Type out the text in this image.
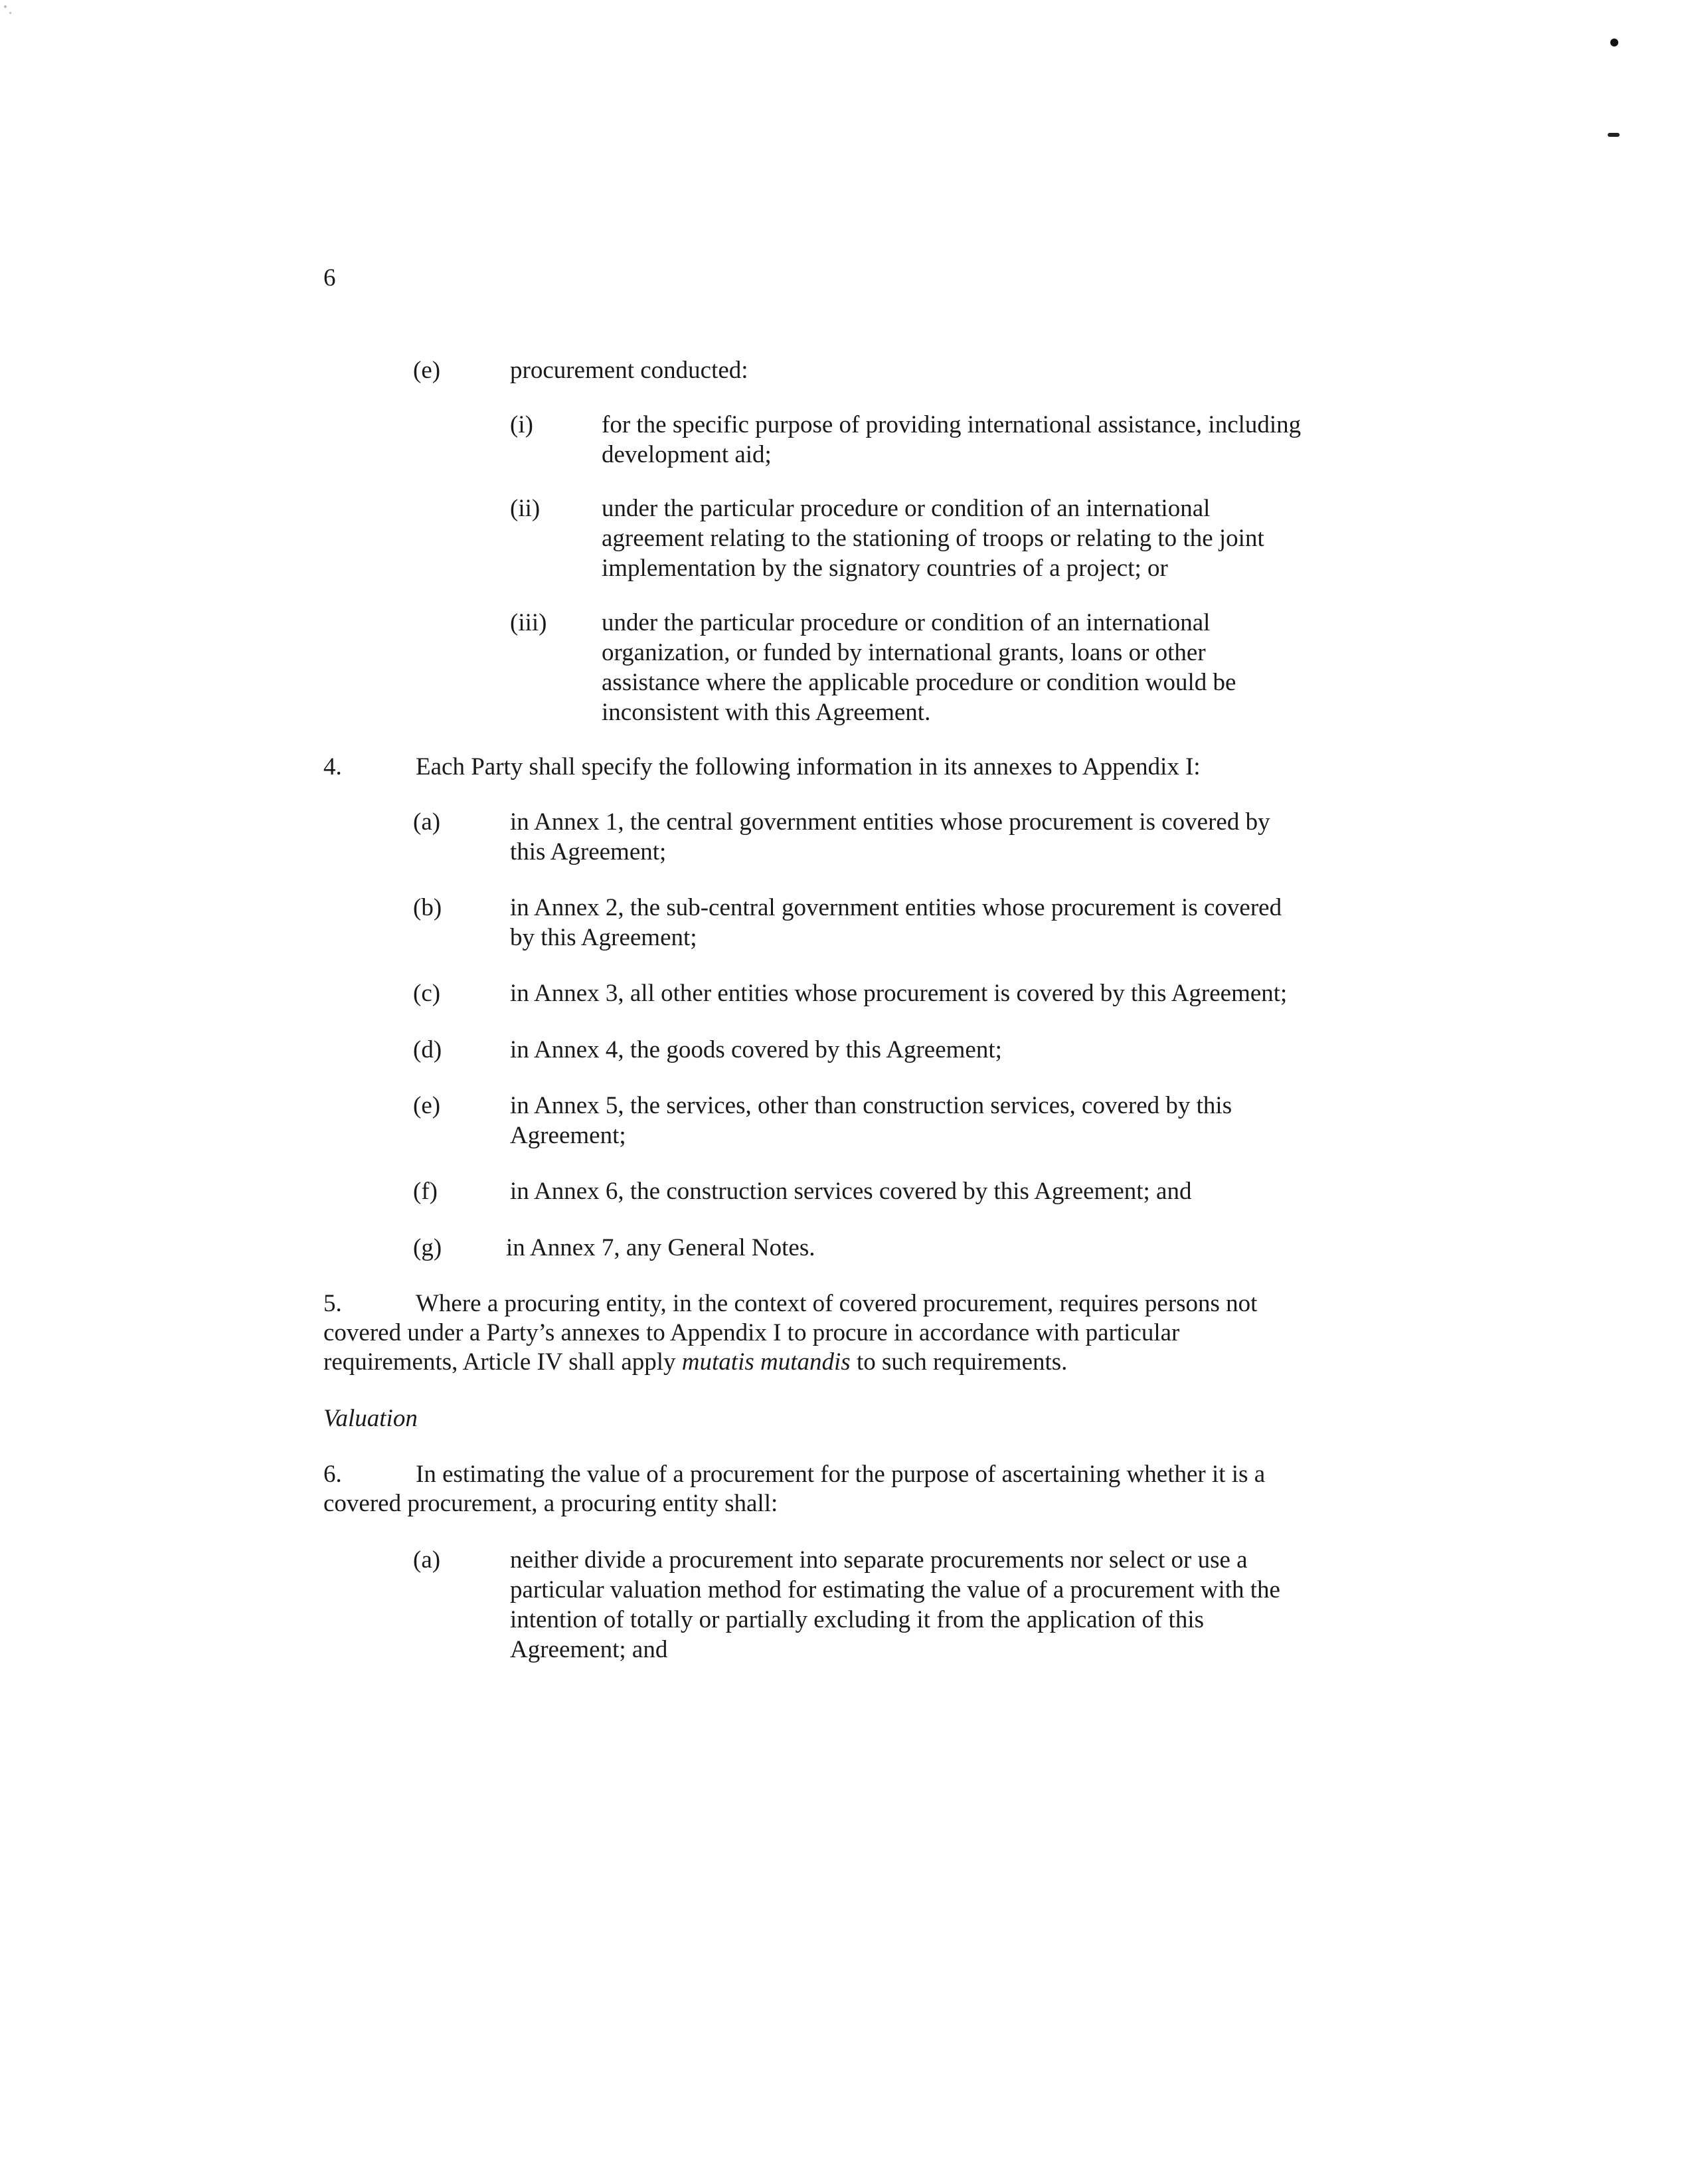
6
(e)	procurement conducted:
(i)	for the specific purpose of providing international assistance, including
development aid;
(ii)	under the particular procedure or condition of an international
agreement relating to the stationing of troops or relating to the joint
implementation by the signatory countries of a project; or
(iii) under the particular procedure or condition of an international
organization, or funded by international grants, loans or other
assistance where the applicable procedure or condition would be
inconsistent with this Agreement.
4.	Each Party shall specify the following information in its annexes to Appendix I:
(a)	in Annex 1, the central government entities whose procurement is covered by
this Agreement;
(b)	in Annex 2, the sub-central government entities whose procurement is covered
by this Agreement;
(c)	in Annex 3, all other entities whose procurement is covered by this Agreement;
(d)	in Annex 4, the goods covered by this Agreement;
(e)	in Annex 5, the services, other than construction services, covered by this
Agreement;
(f)	in Annex 6, the construction services covered by this Agreement; and
(g)	in Annex 7, any General Notes.
5.	Where a procuring entity, in the context of covered procurement, requires persons not
covered under a Party’s annexes to Appendix I to procure in accordance with particular
requirements, Article IV shall apply mutatis mutandis to such requirements.
Valuation
6.	In estimating the value of a procurement for the purpose of ascertaining whether it is a
covered procurement, a procuring entity shall:
(a)	neither divide a procurement into separate procurements nor select or use a
particular valuation method for estimating the value of a procurement with the
intention of totally or partially excluding it from the application of this
Agreement; and
